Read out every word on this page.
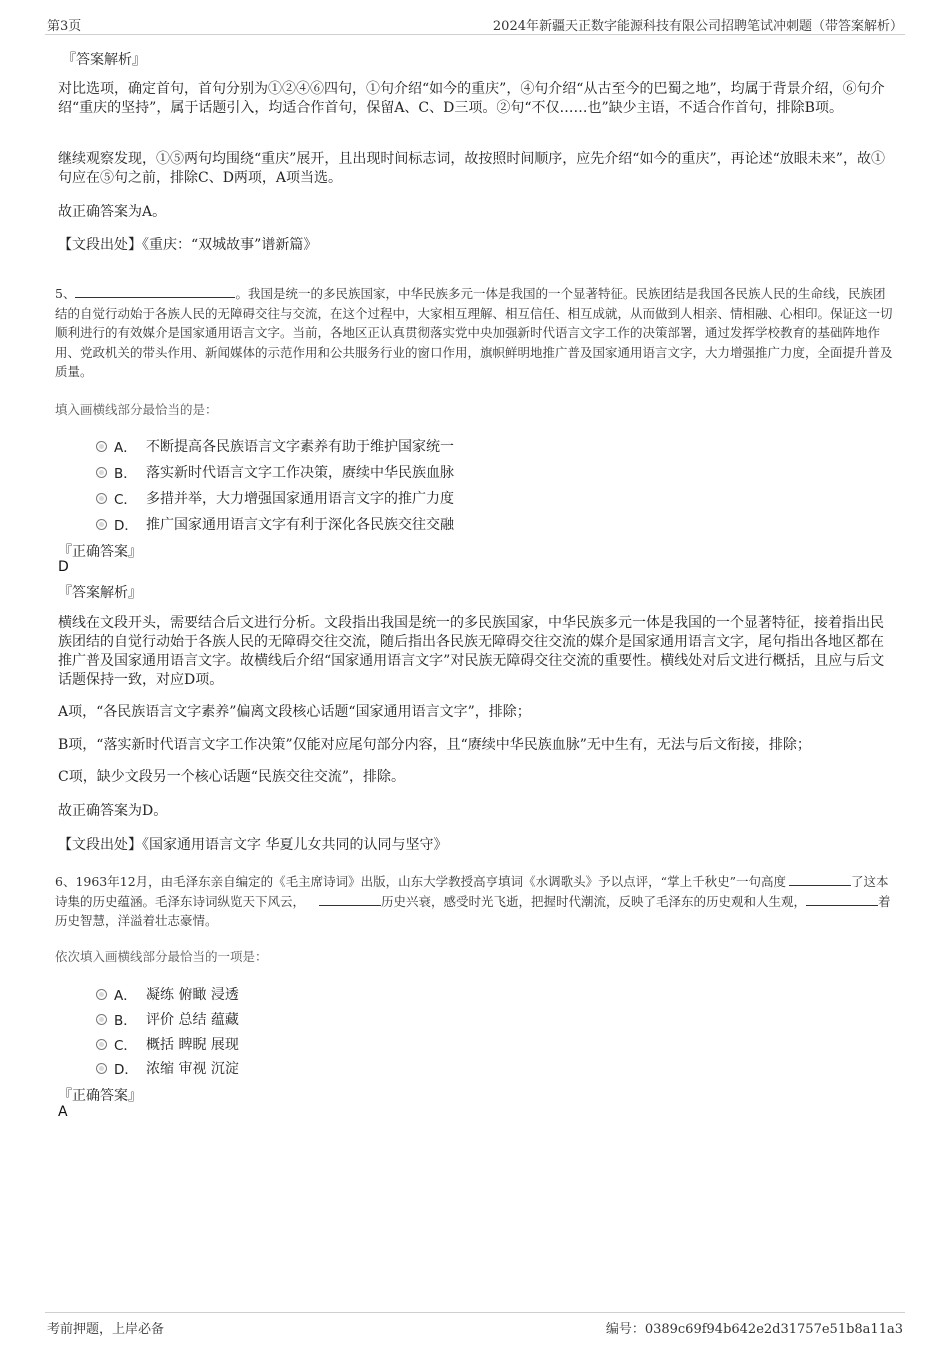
第3页	2024年新疆天正数字能源科技有限公司招聘笔试冲刺题（带答案解析）
『答案解析』
对比选项，确定首句，首句分别为①②④⑥四句，①句介绍“如今的重庆”，④句介绍“从古至今的巴蜀之地”，均属于背景介绍，⑥句介绍“重庆的坚持”，属于话题引入，均适合作首句，保留A、C、D三项。②句“不仅……也”缺少主语，不适合作首句，排除B项。
继续观察发现，①⑤两句均围绕“重庆”展开，且出现时间标志词，故按照时间顺序，应先介绍“如今的重庆”，再论述“放眼未来”，故①句应在⑤句之前，排除C、D两项，A项当选。
故正确答案为A。
【文段出处】《重庆：“双城故事”谱新篇》
5、	。我国是统一的多民族国家，中华民族多元一体是我国的一个显著特征。民族团结是我国各民族人民的生命线，民族团结的自觉行动始于各族人民的无障碍交往与交流，在这个过程中，大家相互理解、相互信任、相互成就，从而做到人相亲、情相融、心相印。保证这一切顺利进行的有效媒介是国家通用语言文字。当前，各地区正认真贯彻落实党中央加强新时代语言文字工作的决策部署，通过发挥学校教育的基础阵地作用、党政机关的带头作用、新闻媒体的示范作用和公共服务行业的窗口作用，旗帜鲜明地推广普及国家通用语言文字，大力增强推广力度，全面提升普及质量。
填入画横线部分最恰当的是：
A． 不断提高各民族语言文字素养有助于维护国家统一
B． 落实新时代语言文字工作决策，赓续中华民族血脉
C． 多措并举，大力增强国家通用语言文字的推广力度
D． 推广国家通用语言文字有利于深化各民族交往交融
『正确答案』
D
『答案解析』
横线在文段开头，需要结合后文进行分析。文段指出我国是统一的多民族国家，中华民族多元一体是我国的一个显著特征，接着指出民族团结的自觉行动始于各族人民的无障碍交往交流，随后指出各民族无障碍交往交流的媒介是国家通用语言文字，尾句指出各地区都在推广普及国家通用语言文字。故横线后介绍“国家通用语言文字”对民族无障碍交往交流的重要性。横线处对后文进行概括，且应与后文话题保持一致，对应D项。
A项，“各民族语言文字素养”偏离文段核心话题“国家通用语言文字”，排除；
B项，“落实新时代语言文字工作决策”仅能对应尾句部分内容，且“赓续中华民族血脉”无中生有，无法与后文衔接，排除；
C项，缺少文段另一个核心话题“民族交往交流”，排除。
故正确答案为D。
【文段出处】《国家通用语言文字 华夏儿女共同的认同与坚守》
6、1963年12月，由毛泽东亲自编定的《毛主席诗词》出版，山东大学教授高亨填词《水调歌头》予以点评，“掌上千秋史”一句高度	了这本诗集的历史蕴涵。毛泽东诗词纵览天下风云，	历史兴衰，感受时光飞逝，把握时代潮流，反映了毛泽东的历史观和人生观，	着历史智慧，洋溢着壮志豪情。
依次填入画横线部分最恰当的一项是：
A． 凝练 俯瞰 浸透
B． 评价 总结 蕴藏
C． 概括 睥睨 展现
D． 浓缩 审视 沉淀
『正确答案』
A
考前押题，上岸必备	编号：0389c69f94b642e2d31757e51b8a11a3
